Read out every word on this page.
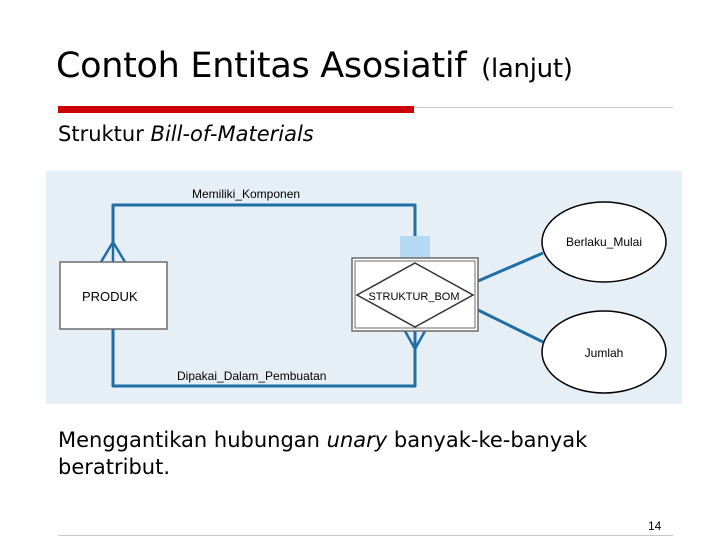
Contoh Entitas Asosiatif (lanjut)
Struktur Bill-of-Materials
PRODUK	STRUKTUR_BOM
Memiliki_Komponen
Dipakai_Dalam_Pembuatan
Berlaku_Mulai
Jumlah
Menggantikan hubungan unary banyak-ke-banyak beratribut.
14
